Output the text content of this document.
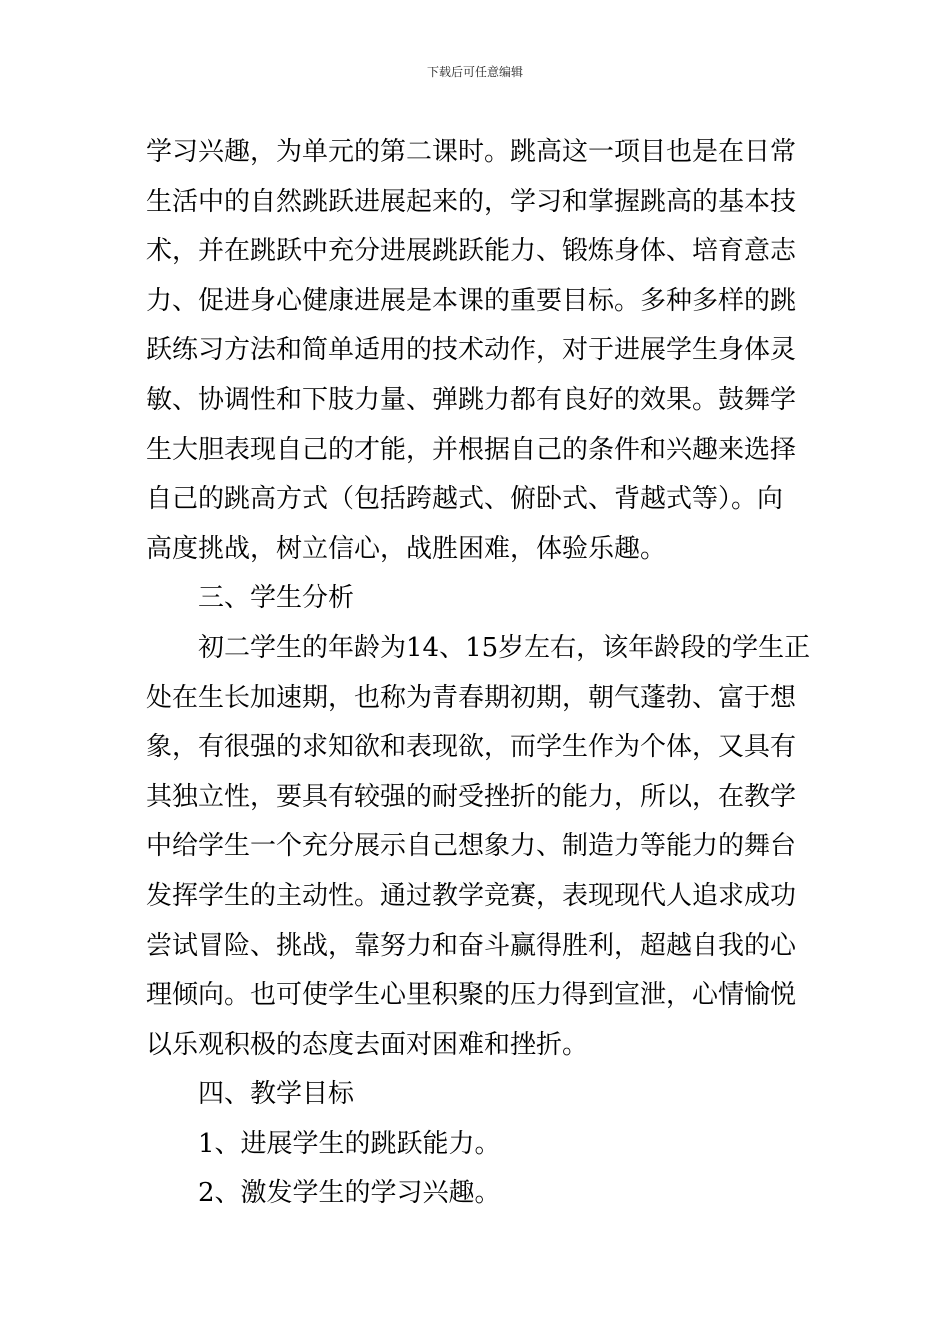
下载后可任意编辑
学习兴趣，为单元的第二课时。跳高这一项目也是在日常
生活中的自然跳跃进展起来的，学习和掌握跳高的基本技
术，并在跳跃中充分进展跳跃能力、锻炼身体、培育意志
力、促进身心健康进展是本课的重要目标。多种多样的跳
跃练习方法和简单适用的技术动作，对于进展学生身体灵
敏、协调性和下肢力量、弹跳力都有良好的效果。鼓舞学
生大胆表现自己的才能，并根据自己的条件和兴趣来选择
自己的跳高方式（包括跨越式、俯卧式、背越式等）。向
高度挑战，树立信心，战胜困难，体验乐趣。
三、学生分析
初二学生的年龄为14、15岁左右，该年龄段的学生正
处在生长加速期，也称为青春期初期，朝气蓬勃、富于想
象，有很强的求知欲和表现欲，而学生作为个体，又具有
其独立性，要具有较强的耐受挫折的能力，所以，在教学
中给学生一个充分展示自己想象力、制造力等能力的舞台
发挥学生的主动性。通过教学竞赛，表现现代人追求成功
尝试冒险、挑战，靠努力和奋斗赢得胜利，超越自我的心
理倾向。也可使学生心里积聚的压力得到宣泄，心情愉悦
以乐观积极的态度去面对困难和挫折。
四、教学目标
1、进展学生的跳跃能力。
2、激发学生的学习兴趣。
